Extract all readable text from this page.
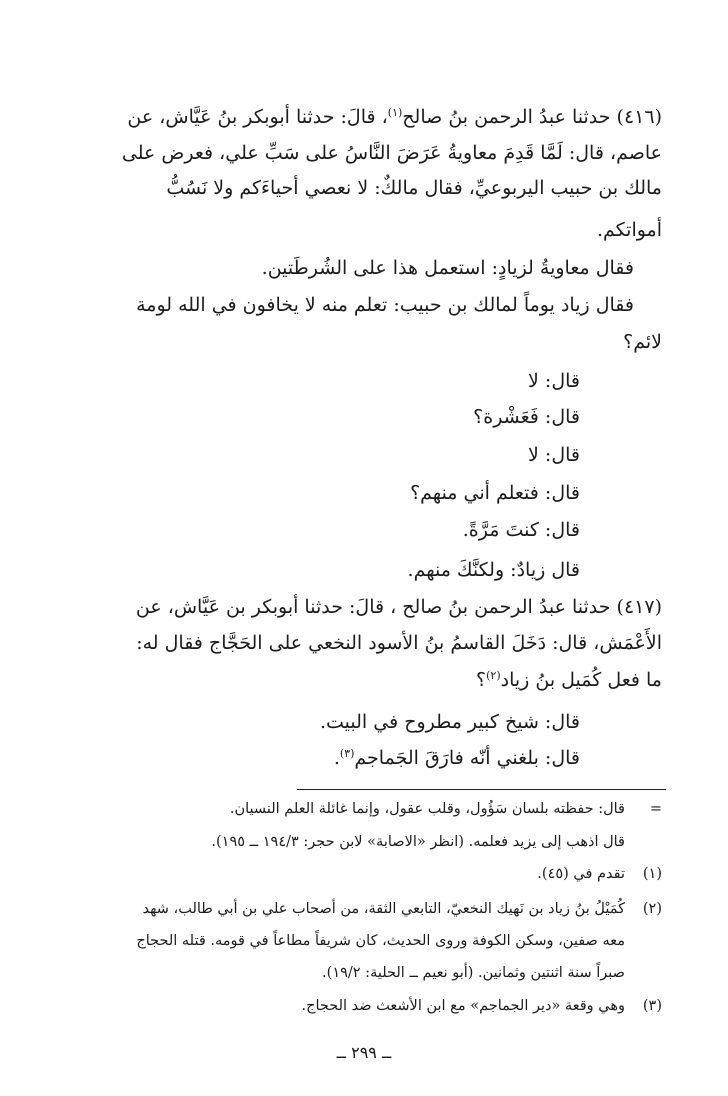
(٤١٦) حدثنا عبدُ الرحمن بنُ صالح$^{(١)}$، قالَ: حدثنا أبوبكر بنُ عَيَّاش، عن
عاصم، قال: لَمَّا قَدِمَ معاويةُ عَرَضَ النَّاسُ على سَبِّ علي، فعرض على
مالك بن حبيب اليربوعيِّ، فقال مالكٌ: لا نعصي أحياءَكم ولا نَسُبُّ
أمواتكم.
فقال معاويةُ لزيادٍ: استعمل هذا على الشُرطَتين.
فقال زياد يوماً لمالك بن حبيب: تعلم منه لا يخافون في الله لومة
لائم؟
قال: لا
قال: فَعَشْرة؟
قال: لا
قال: فتعلم أني منهم؟
قال: كنتَ مَرَّةً.
قال زيادٌ: ولكنَّكَ منهم.
(٤١٧) حدثنا عبدُ الرحمن بنُ صالح ، قالَ: حدثنا أبوبكر بن عَيَّاش، عن
الأَعْمَش، قال: دَخَلَ القاسمُ بنُ الأسود النخعي على الحَجَّاج فقال له:
ما فعل كُمَيل بنُ زياد$^{(٢)}$؟
قال: شيخ كبير مطروح في البيت.
قال: بلغني أنّه فارَقَ الجَماجم$^{(٣)}$.
=
قال: حفظته بلسان سَؤُول، وقلب عقول، وإنما غائلة العلم النسيان.
قال اذهب إلى يزيد فعلمه. (انظر «الاصابة» لابن حجر: ١٩٤/٣ ــ ١٩٥).
(١)
تقدم في (٤٥).
(٢)
كُمَيْلُ بنُ زياد بن نَهيك النخعيّ، التابعي الثقة، من أصحاب علي بن أبي طالب، شهد
معه صفين، وسكن الكوفة وروى الحديث، كان شريفاً مطاعاً في قومه. قتله الحجاج
صبراً سنة اثنتين وثمانين. (أبو نعيم ــ الحلية: ١٩/٢).
(٣)
وهي وقعة «دير الجماجم» مع ابن الأشعث ضد الحجاج.
ــ ٢٩٩ ــ
